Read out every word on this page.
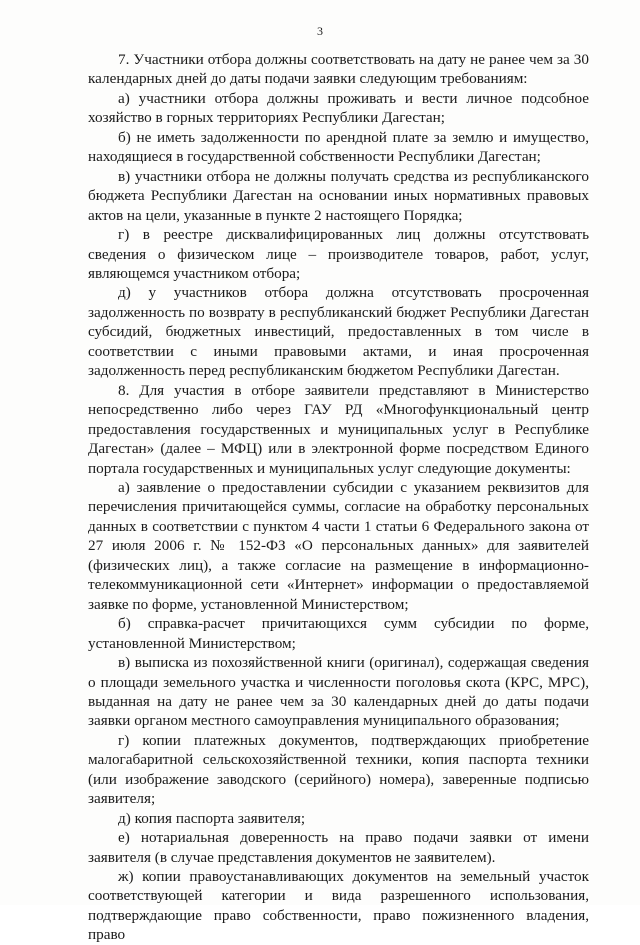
3

7. Участники отбора должны соответствовать на дату не ранее чем за 30 календарных дней до даты подачи заявки следующим требованиям:

а) участники отбора должны проживать и вести личное подсобное хозяйство в горных территориях Республики Дагестан;

б) не иметь задолженности по арендной плате за землю и имущество, находящиеся в государственной собственности Республики Дагестан;

в) участники отбора не должны получать средства из республиканского бюджета Республики Дагестан на основании иных нормативных правовых актов на цели, указанные в пункте 2 настоящего Порядка;

г) в реестре дисквалифицированных лиц должны отсутствовать сведения о физическом лице – производителе товаров, работ, услуг, являющемся участником отбора;

д) у участников отбора должна отсутствовать просроченная задолженность по возврату в республиканский бюджет Республики Дагестан субсидий, бюджетных инвестиций, предоставленных в том числе в соответствии с иными правовыми актами, и иная просроченная задолженность перед республиканским бюджетом Республики Дагестан.

8. Для участия в отборе заявители представляют в Министерство непосредственно либо через ГАУ РД «Многофункциональный центр предоставления государственных и муниципальных услуг в Республике Дагестан» (далее – МФЦ) или в электронной форме посредством Единого портала государственных и муниципальных услуг следующие документы:

а) заявление о предоставлении субсидии с указанием реквизитов для перечисления причитающейся суммы, согласие на обработку персональных данных в соответствии с пунктом 4 части 1 статьи 6 Федерального закона от 27 июля 2006 г. № 152-ФЗ «О персональных данных» для заявителей (физических лиц), а также согласие на размещение в информационно-телекоммуникационной сети «Интернет» информации о предоставляемой заявке по форме, установленной Министерством;

б) справка-расчет причитающихся сумм субсидии по форме, установленной Министерством;

в) выписка из похозяйственной книги (оригинал), содержащая сведения о площади земельного участка и численности поголовья скота (КРС, МРС), выданная на дату не ранее чем за 30 календарных дней до даты подачи заявки органом местного самоуправления муниципального образования;

г) копии платежных документов, подтверждающих приобретение малогабаритной сельскохозяйственной техники, копия паспорта техники (или изображение заводского (серийного) номера), заверенные подписью заявителя;

д) копия паспорта заявителя;

е) нотариальная доверенность на право подачи заявки от имени заявителя (в случае представления документов не заявителем).

ж) копии правоустанавливающих документов на земельный участок соответствующей категории и вида разрешенного использования, подтверждающие право собственности, право пожизненного владения, право
